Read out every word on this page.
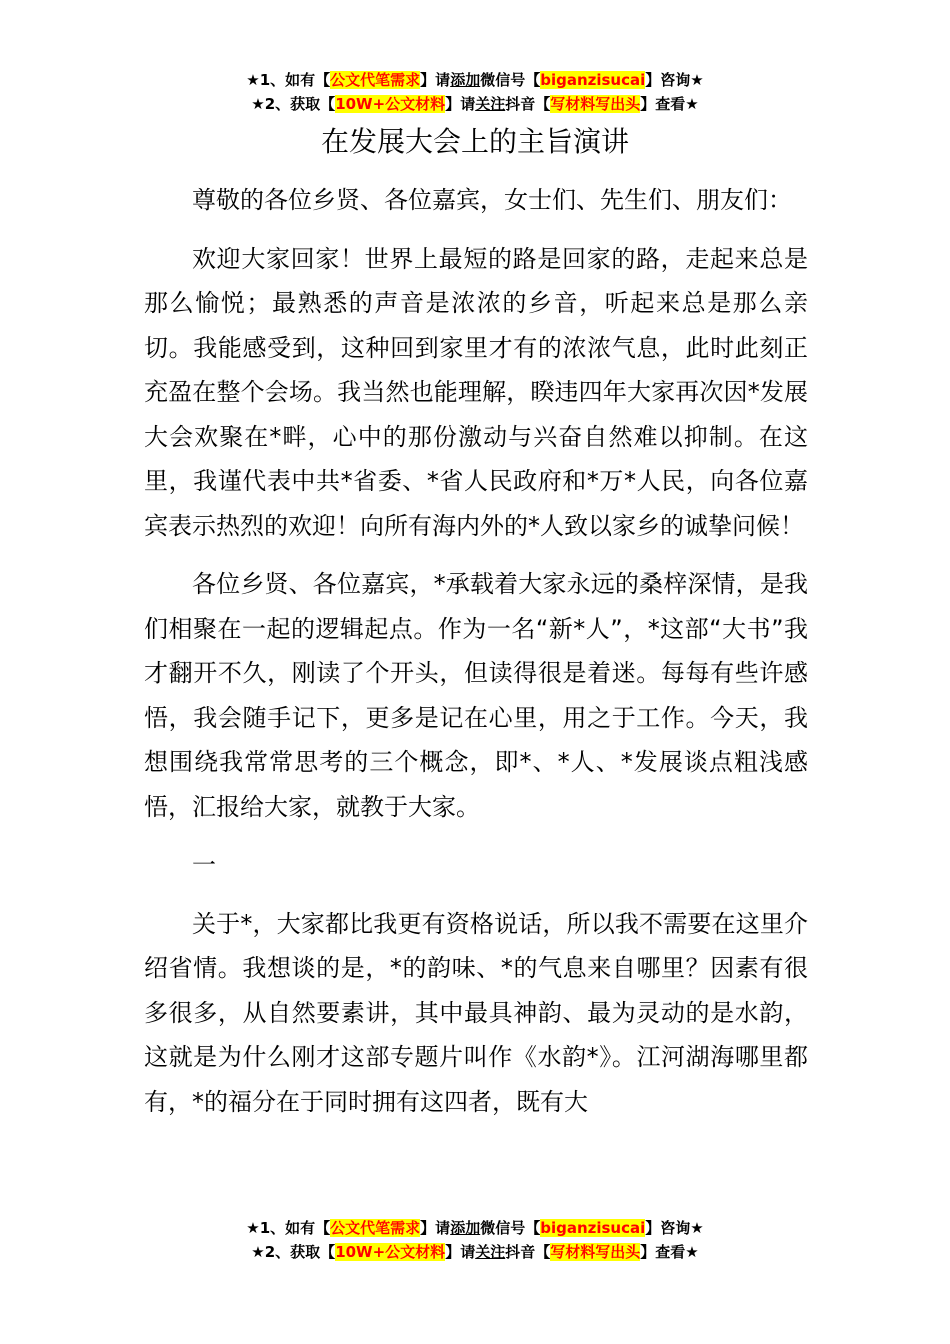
★1、如有【公文代笔需求】请添加微信号【biganzisucai】咨询★
★2、获取【10W+公文材料】请关注抖音【写材料写出头】查看★
在发展大会上的主旨演讲

尊敬的各位乡贤、各位嘉宾，女士们、先生们、朋友们：

欢迎大家回家！世界上最短的路是回家的路，走起来总是那么愉悦；最熟悉的声音是浓浓的乡音，听起来总是那么亲切。我能感受到，这种回到家里才有的浓浓气息，此时此刻正充盈在整个会场。我当然也能理解，睽违四年大家再次因*发展大会欢聚在*畔，心中的那份激动与兴奋自然难以抑制。在这里，我谨代表中共*省委、*省人民政府和*万*人民，向各位嘉宾表示热烈的欢迎！向所有海内外的*人致以家乡的诚挚问候！

各位乡贤、各位嘉宾，*承载着大家永远的桑梓深情，是我们相聚在一起的逻辑起点。作为一名“新*人”，*这部“大书”我才翻开不久，刚读了个开头，但读得很是着迷。每每有些许感悟，我会随手记下，更多是记在心里，用之于工作。今天，我想围绕我常常思考的三个概念，即*、*人、*发展谈点粗浅感悟，汇报给大家，就教于大家。

一

关于*，大家都比我更有资格说话，所以我不需要在这里介绍省情。我想谈的是，*的韵味、*的气息来自哪里？因素有很多很多，从自然要素讲，其中最具神韵、最为灵动的是水韵，这就是为什么刚才这部专题片叫作《水韵*》。江河湖海哪里都有，*的福分在于同时拥有这四者，既有大

★1、如有【公文代笔需求】请添加微信号【biganzisucai】咨询★
★2、获取【10W+公文材料】请关注抖音【写材料写出头】查看★
